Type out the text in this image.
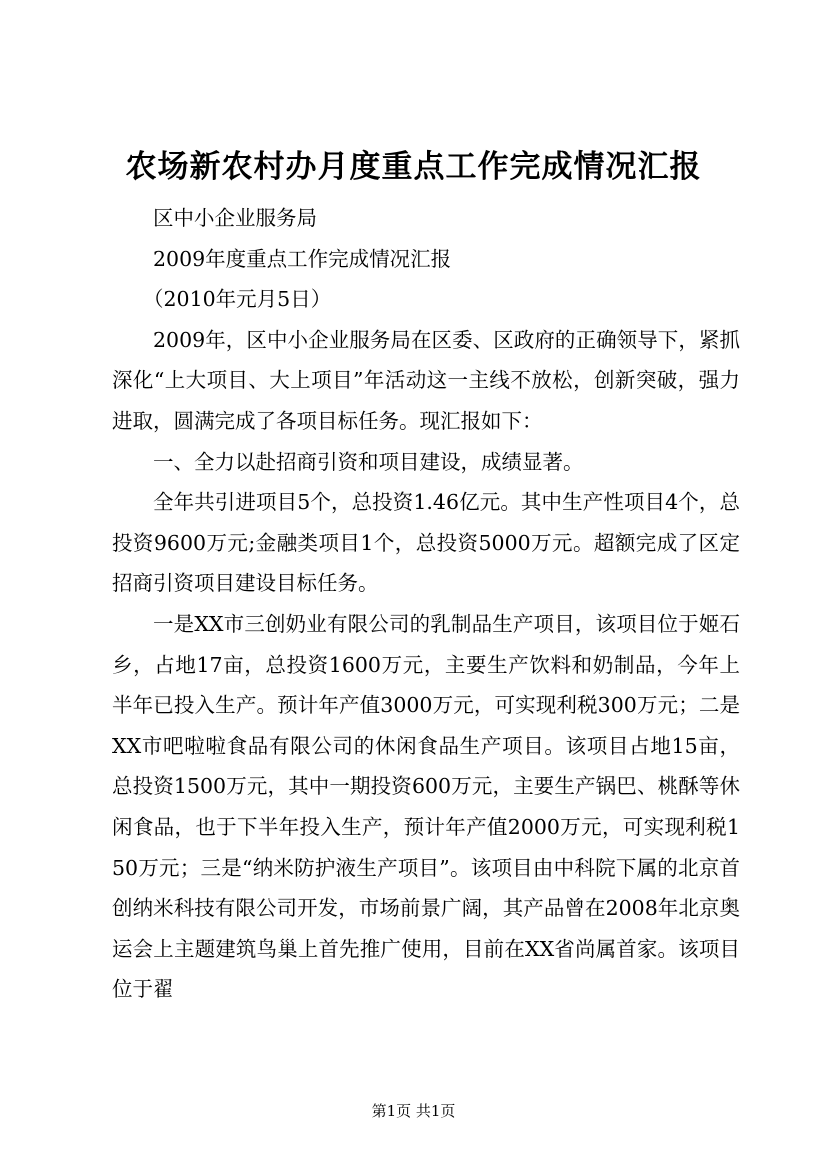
农场新农村办月度重点工作完成情况汇报

区中小企业服务局

2009年度重点工作完成情况汇报

（2010年元月5日）

2009年，区中小企业服务局在区委、区政府的正确领导下，紧抓深化“上大项目、大上项目”年活动这一主线不放松，创新突破，强力进取，圆满完成了各项目标任务。现汇报如下：

一、全力以赴招商引资和项目建设，成绩显著。

全年共引进项目5个，总投资1.46亿元。其中生产性项目4个，总投资9600万元;金融类项目1个，总投资5000万元。超额完成了区定招商引资项目建设目标任务。

一是XX市三创奶业有限公司的乳制品生产项目，该项目位于姬石乡，占地17亩，总投资1600万元，主要生产饮料和奶制品，今年上半年已投入生产。预计年产值3000万元，可实现利税300万元；二是XX市吧啦啦食品有限公司的休闲食品生产项目。该项目占地15亩，总投资1500万元，其中一期投资600万元，主要生产锅巴、桃酥等休闲食品，也于下半年投入生产，预计年产值2000万元，可实现利税150万元；三是“纳米防护液生产项目”。该项目由中科院下属的北京首创纳米科技有限公司开发，市场前景广阔，其产品曾在2008年北京奥运会上主题建筑鸟巢上首先推广使用，目前在XX省尚属首家。该项目位于翟

第1页 共1页
